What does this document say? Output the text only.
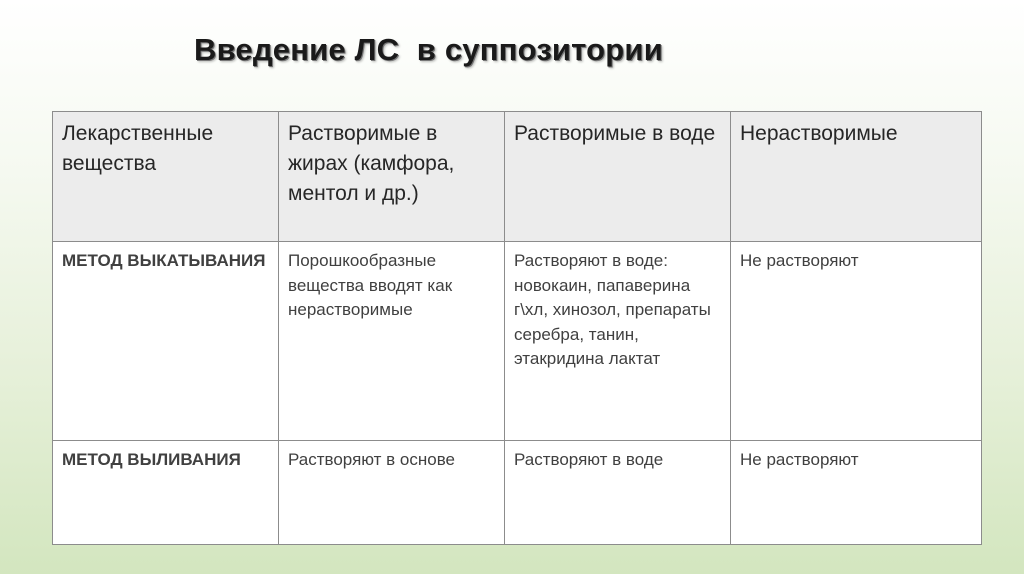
Введение ЛС  в суппозитории
Лекарственные вещества	Растворимые в жирах (камфора, ментол и др.)	Растворимые в воде	Нерастворимые

МЕТОД ВЫКАТЫВАНИЯ	Порошкообразные вещества вводят как нерастворимые	Растворяют в воде: новокаин, папаверина г\хл, хинозол, препараты серебра, танин, этакридина лактат	Не растворяют

МЕТОД ВЫЛИВАНИЯ	Растворяют в основе	Растворяют в воде	Не растворяют
